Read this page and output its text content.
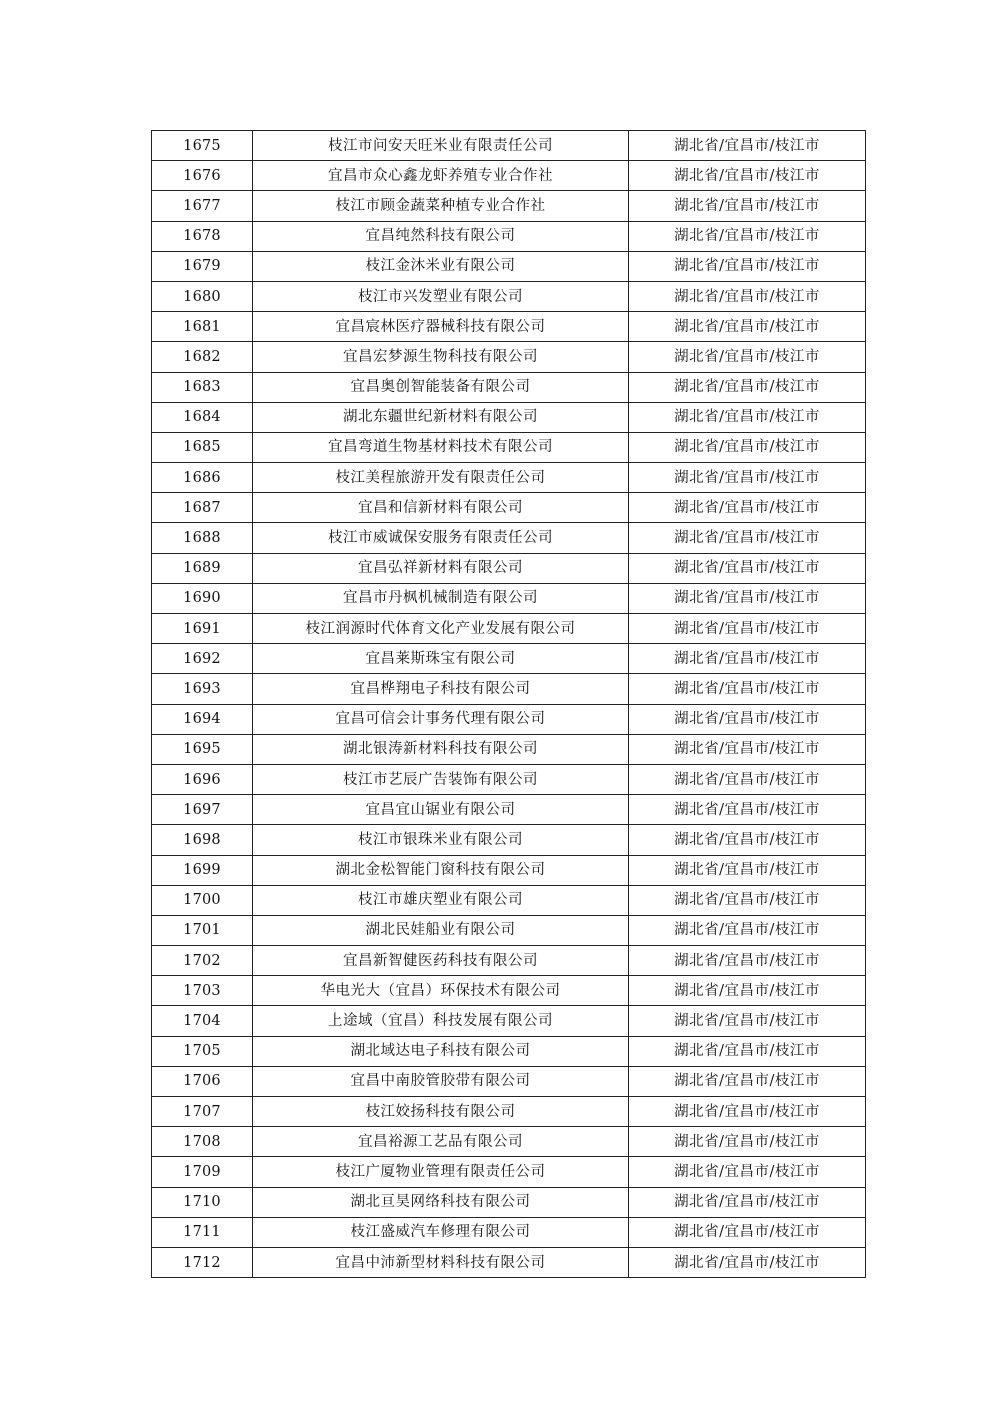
1675	枝江市问安天旺米业有限责任公司	湖北省/宜昌市/枝江市
1676	宜昌市众心鑫龙虾养殖专业合作社	湖北省/宜昌市/枝江市
1677	枝江市顾金蔬菜种植专业合作社	湖北省/宜昌市/枝江市
1678	宜昌纯然科技有限公司	湖北省/宜昌市/枝江市
1679	枝江金沐米业有限公司	湖北省/宜昌市/枝江市
1680	枝江市兴发塑业有限公司	湖北省/宜昌市/枝江市
1681	宜昌宸林医疗器械科技有限公司	湖北省/宜昌市/枝江市
1682	宜昌宏梦源生物科技有限公司	湖北省/宜昌市/枝江市
1683	宜昌奥创智能装备有限公司	湖北省/宜昌市/枝江市
1684	湖北东疆世纪新材料有限公司	湖北省/宜昌市/枝江市
1685	宜昌弯道生物基材料技术有限公司	湖北省/宜昌市/枝江市
1686	枝江美程旅游开发有限责任公司	湖北省/宜昌市/枝江市
1687	宜昌和信新材料有限公司	湖北省/宜昌市/枝江市
1688	枝江市威诚保安服务有限责任公司	湖北省/宜昌市/枝江市
1689	宜昌弘祥新材料有限公司	湖北省/宜昌市/枝江市
1690	宜昌市丹枫机械制造有限公司	湖北省/宜昌市/枝江市
1691	枝江润源时代体育文化产业发展有限公司	湖北省/宜昌市/枝江市
1692	宜昌莱斯珠宝有限公司	湖北省/宜昌市/枝江市
1693	宜昌桦翔电子科技有限公司	湖北省/宜昌市/枝江市
1694	宜昌可信会计事务代理有限公司	湖北省/宜昌市/枝江市
1695	湖北银涛新材料科技有限公司	湖北省/宜昌市/枝江市
1696	枝江市艺辰广告装饰有限公司	湖北省/宜昌市/枝江市
1697	宜昌宜山锯业有限公司	湖北省/宜昌市/枝江市
1698	枝江市银珠米业有限公司	湖北省/宜昌市/枝江市
1699	湖北金松智能门窗科技有限公司	湖北省/宜昌市/枝江市
1700	枝江市雄庆塑业有限公司	湖北省/宜昌市/枝江市
1701	湖北民娃船业有限公司	湖北省/宜昌市/枝江市
1702	宜昌新智健医药科技有限公司	湖北省/宜昌市/枝江市
1703	华电光大（宜昌）环保技术有限公司	湖北省/宜昌市/枝江市
1704	上途域（宜昌）科技发展有限公司	湖北省/宜昌市/枝江市
1705	湖北域达电子科技有限公司	湖北省/宜昌市/枝江市
1706	宜昌中南胶管胶带有限公司	湖北省/宜昌市/枝江市
1707	枝江姣扬科技有限公司	湖北省/宜昌市/枝江市
1708	宜昌裕源工艺品有限公司	湖北省/宜昌市/枝江市
1709	枝江广厦物业管理有限责任公司	湖北省/宜昌市/枝江市
1710	湖北亘昊网络科技有限公司	湖北省/宜昌市/枝江市
1711	枝江盛威汽车修理有限公司	湖北省/宜昌市/枝江市
1712	宜昌中沛新型材料科技有限公司	湖北省/宜昌市/枝江市
